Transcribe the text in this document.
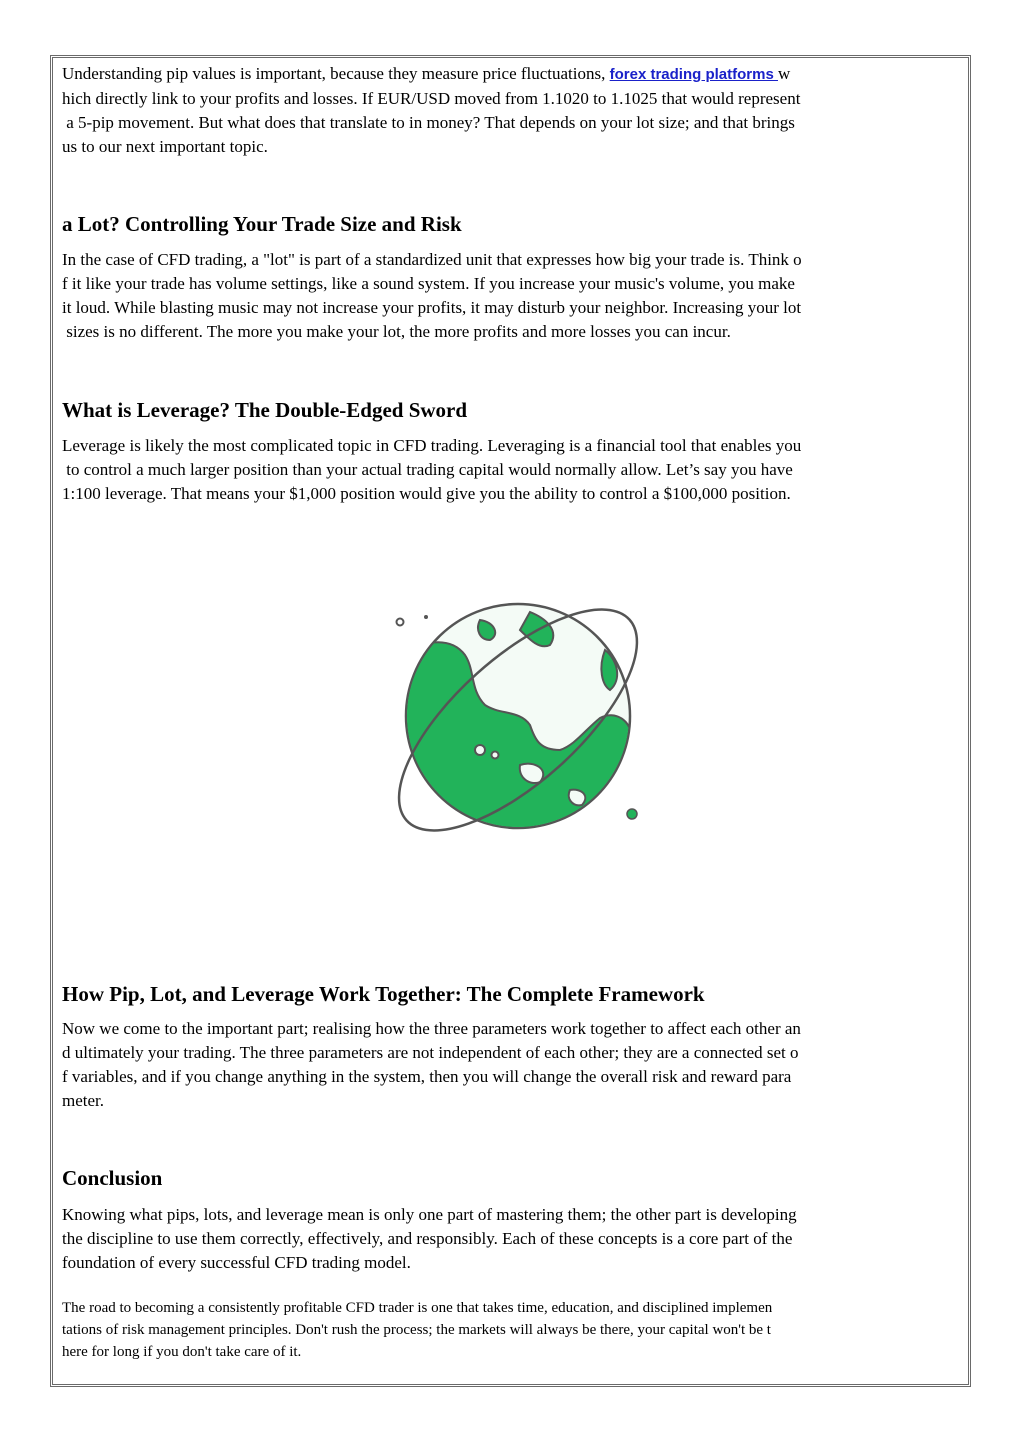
Understanding pip values is important, because they measure price fluctuations, forex trading platforms w
hich directly link to your profits and losses. If EUR/USD moved from 1.1020 to 1.1025 that would represent
a 5-pip movement. But what does that translate to in money? That depends on your lot size; and that brings
us to our next important topic.
a Lot? Controlling Your Trade Size and Risk
In the case of CFD trading, a "lot" is part of a standardized unit that expresses how big your trade is. Think o
f it like your trade has volume settings, like a sound system. If you increase your music's volume, you make
it loud. While blasting music may not increase your profits, it may disturb your neighbor. Increasing your lot
sizes is no different. The more you make your lot, the more profits and more losses you can incur.
What is Leverage? The Double-Edged Sword
Leverage is likely the most complicated topic in CFD trading. Leveraging is a financial tool that enables you
to control a much larger position than your actual trading capital would normally allow. Let’s say you have
1:100 leverage. That means your $1,000 position would give you the ability to control a $100,000 position.
How Pip, Lot, and Leverage Work Together: The Complete Framework
Now we come to the important part; realising how the three parameters work together to affect each other an
d ultimately your trading. The three parameters are not independent of each other; they are a connected set o
f variables, and if you change anything in the system, then you will change the overall risk and reward para
meter.
Conclusion
Knowing what pips, lots, and leverage mean is only one part of mastering them; the other part is developing
the discipline to use them correctly, effectively, and responsibly. Each of these concepts is a core part of the
foundation of every successful CFD trading model.
The road to becoming a consistently profitable CFD trader is one that takes time, education, and disciplined implemen
tations of risk management principles. Don't rush the process; the markets will always be there, your capital won't be t
here for long if you don't take care of it.
